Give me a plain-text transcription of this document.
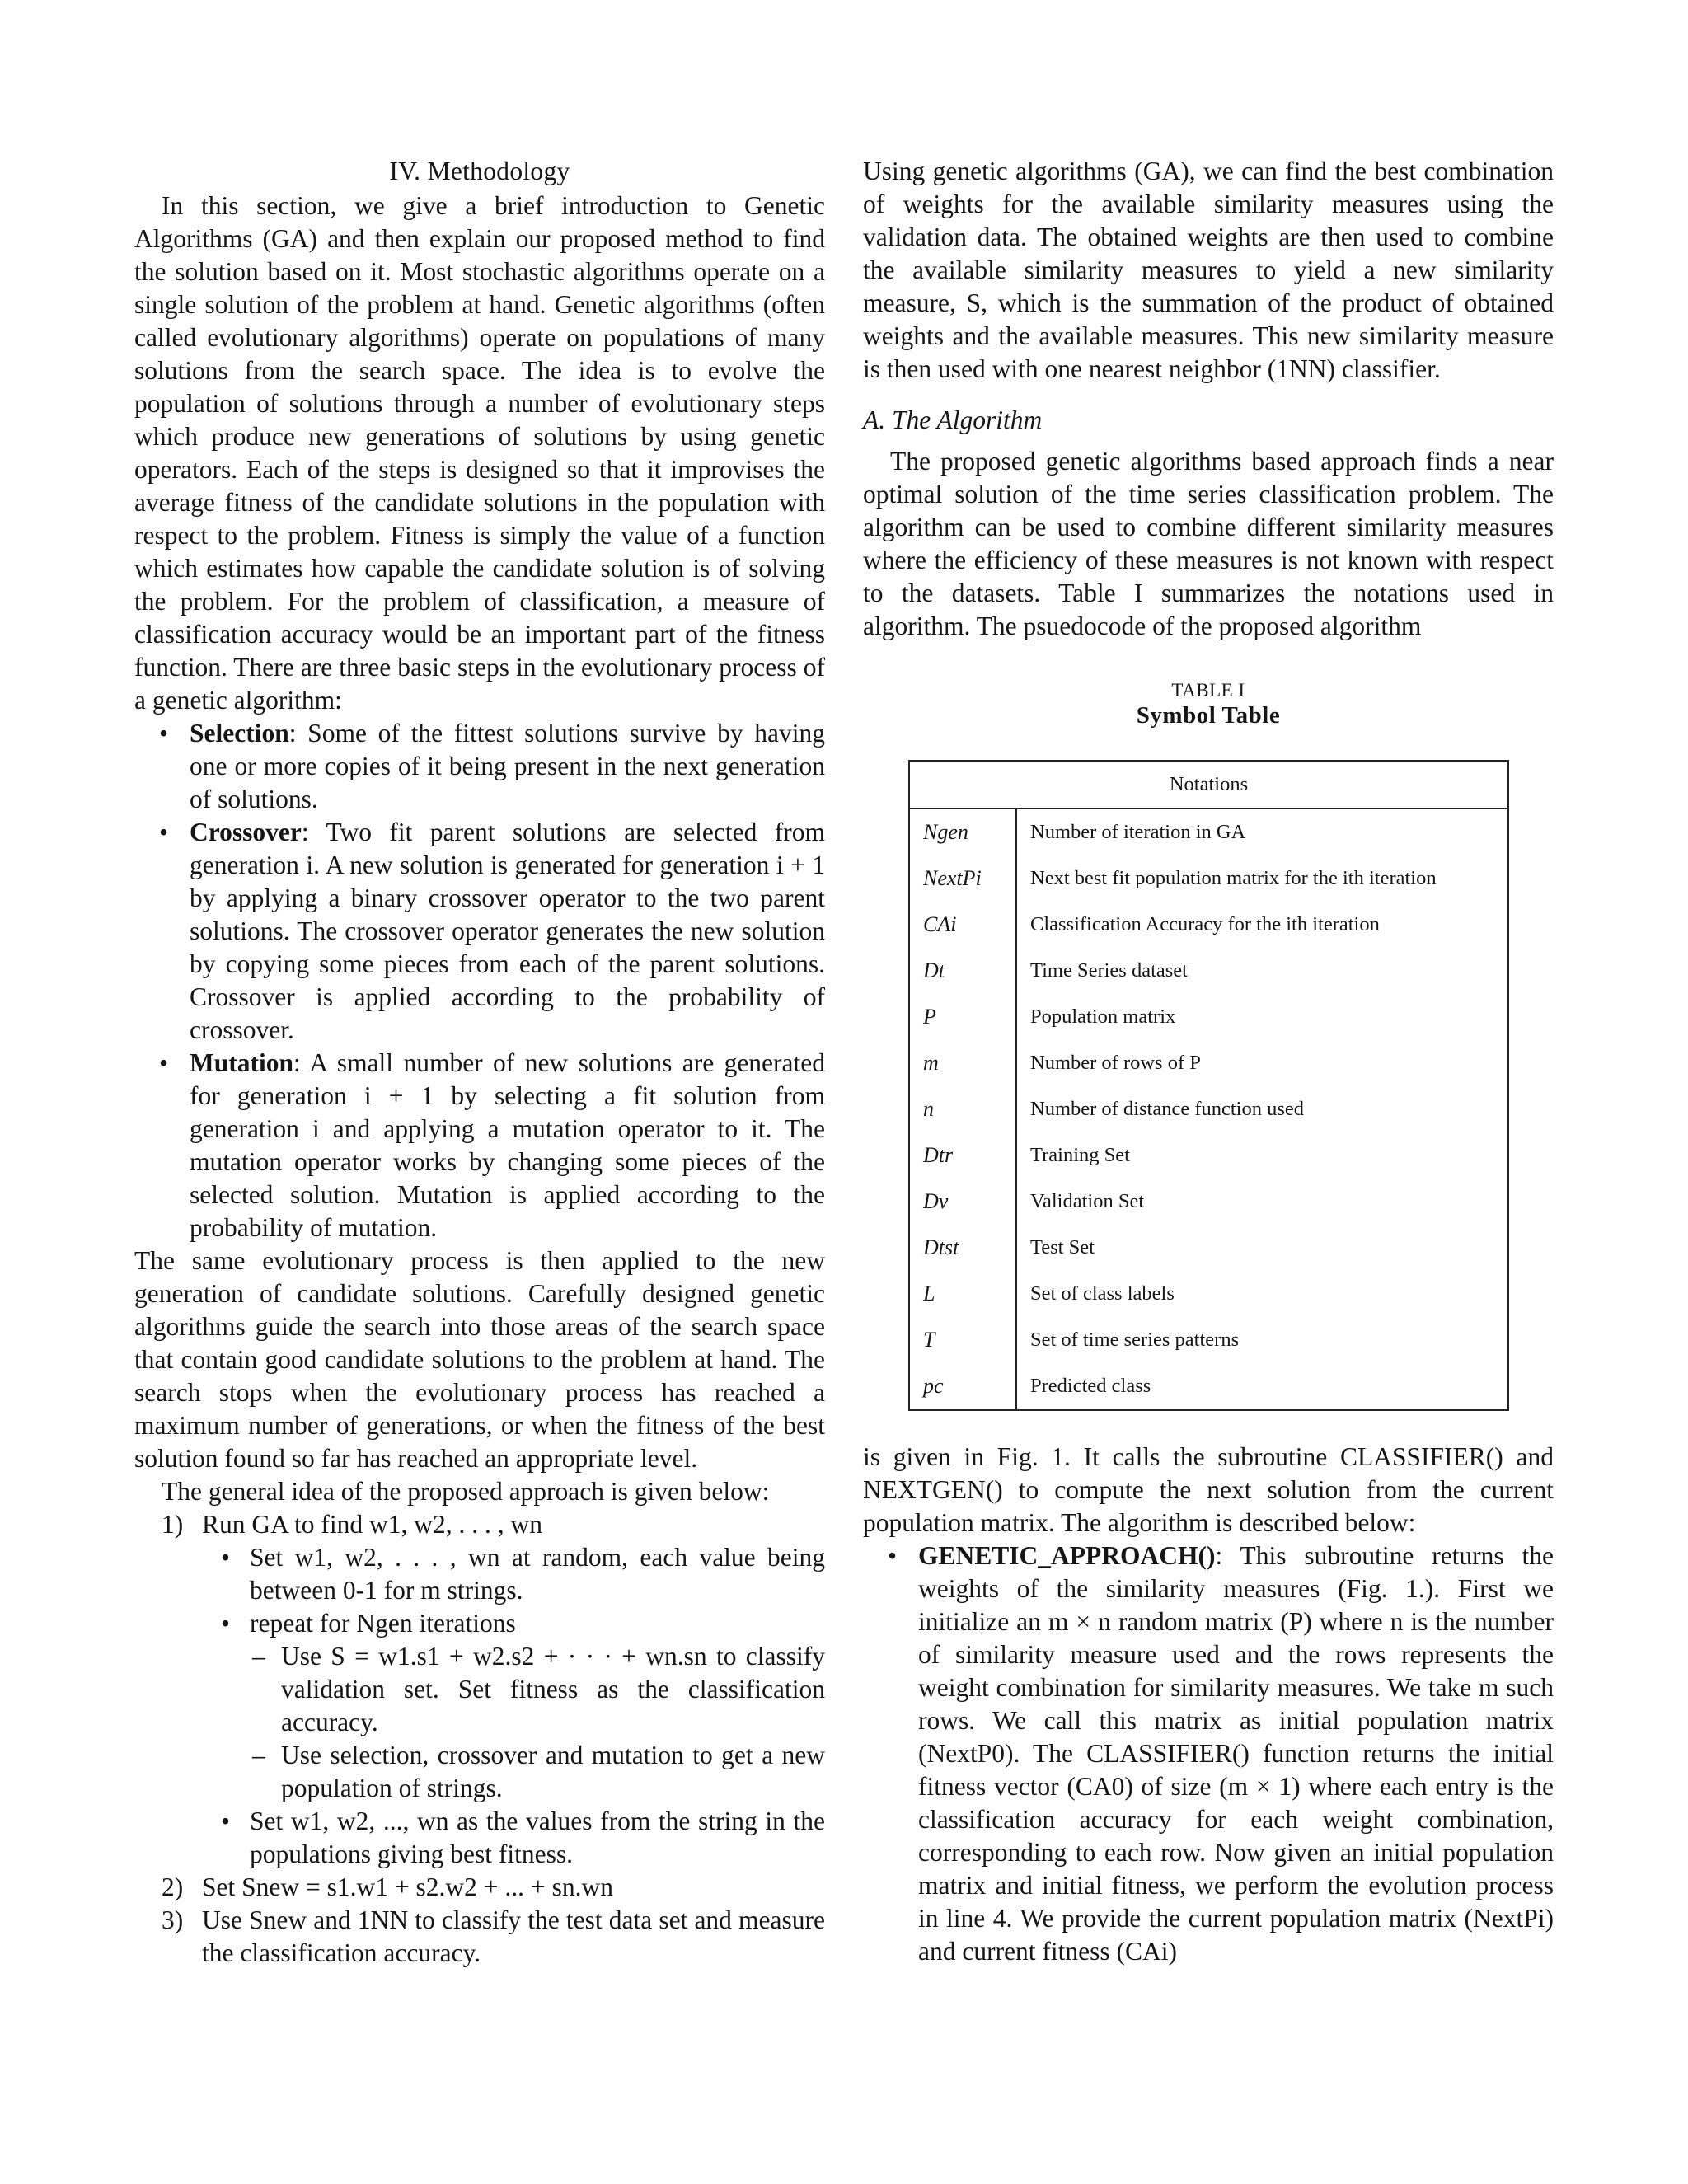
IV. Methodology

In this section, we give a brief introduction to Genetic Algorithms (GA) and then explain our proposed method to find the solution based on it. Most stochastic algorithms operate on a single solution of the problem at hand. Genetic algorithms (often called evolutionary algorithms) operate on populations of many solutions from the search space. The idea is to evolve the population of solutions through a number of evolutionary steps which produce new generations of solutions by using genetic operators. Each of the steps is designed so that it improvises the average fitness of the candidate solutions in the population with respect to the problem. Fitness is simply the value of a function which estimates how capable the candidate solution is of solving the problem. For the problem of classification, a measure of classification accuracy would be an important part of the fitness function. There are three basic steps in the evolutionary process of a genetic algorithm:

• Selection: Some of the fittest solutions survive by having one or more copies of it being present in the next generation of solutions.
• Crossover: Two fit parent solutions are selected from generation i. A new solution is generated for generation i + 1 by applying a binary crossover operator to the two parent solutions. The crossover operator generates the new solution by copying some pieces from each of the parent solutions. Crossover is applied according to the probability of crossover.
• Mutation: A small number of new solutions are generated for generation i + 1 by selecting a fit solution from generation i and applying a mutation operator to it. The mutation operator works by changing some pieces of the selected solution. Mutation is applied according to the probability of mutation.

The same evolutionary process is then applied to the new generation of candidate solutions. Carefully designed genetic algorithms guide the search into those areas of the search space that contain good candidate solutions to the problem at hand. The search stops when the evolutionary process has reached a maximum number of generations, or when the fitness of the best solution found so far has reached an appropriate level.

The general idea of the proposed approach is given below:

1) Run GA to find w1, w2, . . . , wn
• Set w1, w2, . . . , wn at random, each value being between 0-1 for m strings.
• repeat for Ngen iterations
– Use S = w1.s1 + w2.s2 + · · · + wn.sn to classify validation set. Set fitness as the classification accuracy.
– Use selection, crossover and mutation to get a new population of strings.
• Set w1, w2, ..., wn as the values from the string in the populations giving best fitness.
2) Set Snew = s1.w1 + s2.w2 + ... + sn.wn
3) Use Snew and 1NN to classify the test data set and measure the classification accuracy.

Using genetic algorithms (GA), we can find the best combination of weights for the available similarity measures using the validation data. The obtained weights are then used to combine the available similarity measures to yield a new similarity measure, S, which is the summation of the product of obtained weights and the available measures. This new similarity measure is then used with one nearest neighbor (1NN) classifier.

A. The Algorithm

The proposed genetic algorithms based approach finds a near optimal solution of the time series classification problem. The algorithm can be used to combine different similarity measures where the efficiency of these measures is not known with respect to the datasets. Table I summarizes the notations used in algorithm. The psuedocode of the proposed algorithm

TABLE I
Symbol Table
Notations	
Ngen	Number of iteration in GA
NextPi	Next best fit population matrix for the ith iteration
CAi	Classification Accuracy for the ith iteration
Dt	Time Series dataset
P	Population matrix
m	Number of rows of P
n	Number of distance function used
Dtr	Training Set
Dv	Validation Set
Dtst	Test Set
L	Set of class labels
T	Set of time series patterns
pc	Predicted class

is given in Fig. 1. It calls the subroutine CLASSIFIER() and NEXTGEN() to compute the next solution from the current population matrix. The algorithm is described below:

• GENETIC_APPROACH(): This subroutine returns the weights of the similarity measures (Fig. 1.). First we initialize an m × n random matrix (P) where n is the number of similarity measure used and the rows represents the weight combination for similarity measures. We take m such rows. We call this matrix as initial population matrix (NextP0). The CLASSIFIER() function returns the initial fitness vector (CA0) of size (m × 1) where each entry is the classification accuracy for each weight combination, corresponding to each row. Now given an initial population matrix and initial fitness, we perform the evolution process in line 4. We provide the current population matrix (NextPi) and current fitness (CAi)
